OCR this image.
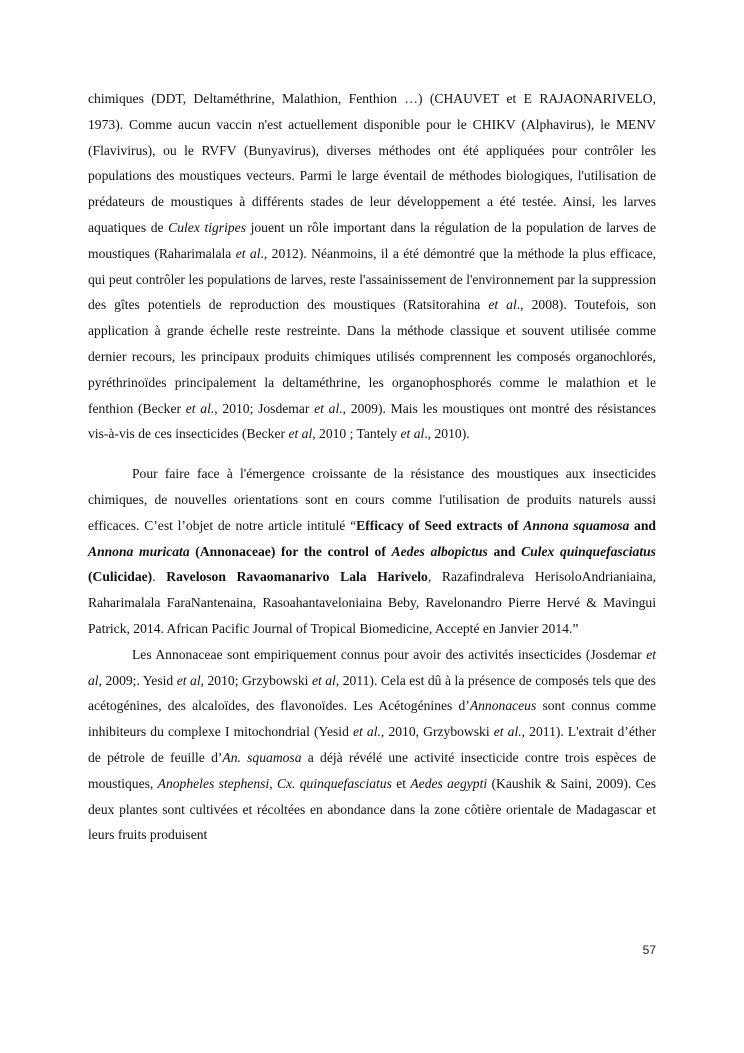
chimiques (DDT, Deltaméthrine, Malathion, Fenthion …) (CHAUVET et E RAJAONARIVELO, 1973). Comme aucun vaccin n'est actuellement disponible pour le CHIKV (Alphavirus), le MENV (Flavivirus), ou le RVFV (Bunyavirus), diverses méthodes ont été appliquées pour contrôler les populations des moustiques vecteurs. Parmi le large éventail de méthodes biologiques, l'utilisation de prédateurs de moustiques à différents stades de leur développement a été testée. Ainsi, les larves aquatiques de Culex tigripes jouent un rôle important dans la régulation de la population de larves de moustiques (Raharimalala et al., 2012). Néanmoins, il a été démontré que la méthode la plus efficace, qui peut contrôler les populations de larves, reste l'assainissement de l'environnement par la suppression des gîtes potentiels de reproduction des moustiques (Ratsitorahina et al., 2008). Toutefois, son application à grande échelle reste restreinte. Dans la méthode classique et souvent utilisée comme dernier recours, les principaux produits chimiques utilisés comprennent les composés organochlorés, pyréthrinoïdes principalement la deltaméthrine, les organophosphorés comme le malathion et le fenthion (Becker et al., 2010; Josdemar et al., 2009). Mais les moustiques ont montré des résistances vis-à-vis de ces insecticides (Becker et al, 2010 ; Tantely et al., 2010).

Pour faire face à l'émergence croissante de la résistance des moustiques aux insecticides chimiques, de nouvelles orientations sont en cours comme l'utilisation de produits naturels aussi efficaces. C’est l’objet de notre article intitulé “Efficacy of Seed extracts of Annona squamosa and Annona muricata (Annonaceae) for the control of Aedes albopictus and Culex quinquefasciatus (Culicidae). Raveloson Ravaomanarivo Lala Harivelo, Razafindraleva HerisoloAndrianiaina, Raharimalala FaraNantenaina, Rasoahantaveloniaina Beby, Ravelonandro Pierre Hervé & Mavingui Patrick, 2014. African Pacific Journal of Tropical Biomedicine, Accepté en Janvier 2014.”

Les Annonaceae sont empiriquement connus pour avoir des activités insecticides (Josdemar et al, 2009;. Yesid et al, 2010; Grzybowski et al, 2011). Cela est dû à la présence de composés tels que des acétogénines, des alcaloïdes, des flavonoïdes. Les Acétogénines d’Annonaceus sont connus comme inhibiteurs du complexe I mitochondrial (Yesid et al., 2010, Grzybowski et al., 2011). L'extrait d’éther de pétrole de feuille d’An. squamosa a déjà révélé une activité insecticide contre trois espèces de moustiques, Anopheles stephensi, Cx. quinquefasciatus et Aedes aegypti (Kaushik & Saini, 2009). Ces deux plantes sont cultivées et récoltées en abondance dans la zone côtière orientale de Madagascar et leurs fruits produisent

57
